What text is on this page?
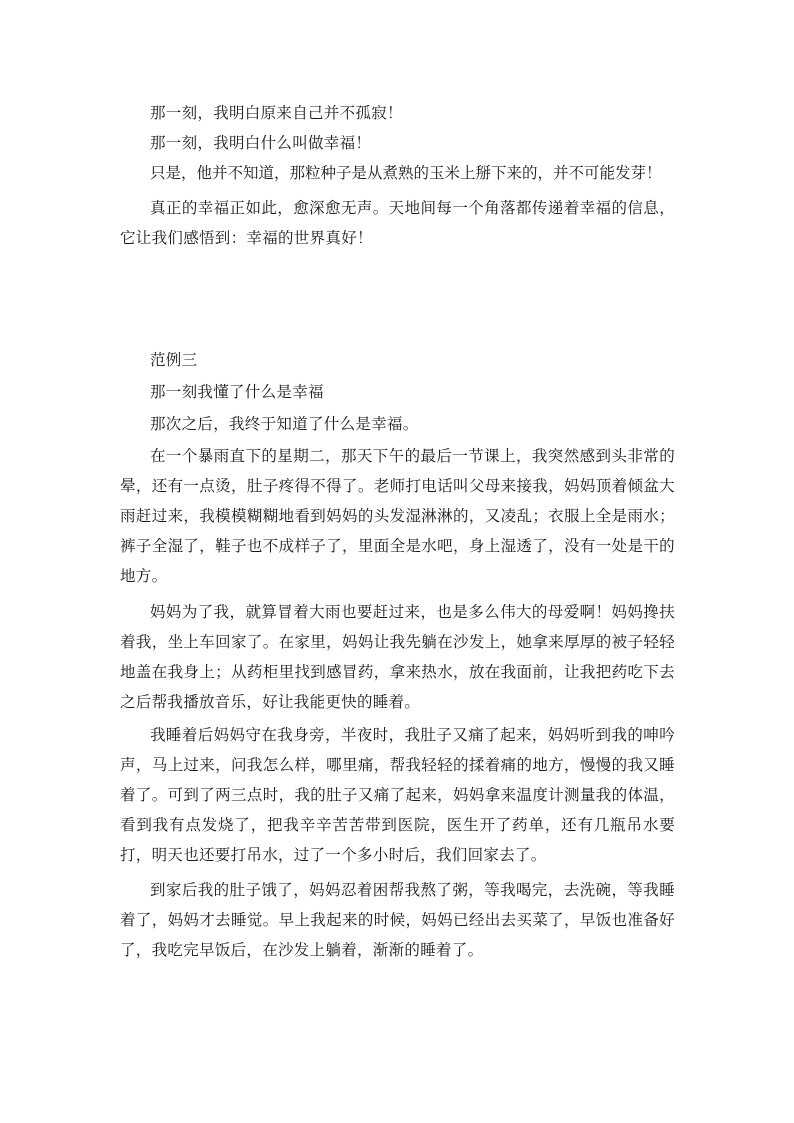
那一刻，我明白原来自己并不孤寂！

那一刻，我明白什么叫做幸福！

只是，他并不知道，那粒种子是从煮熟的玉米上掰下来的，并不可能发芽！

真正的幸福正如此，愈深愈无声。天地间每一个角落都传递着幸福的信息，它让我们感悟到：幸福的世界真好！

范例三

那一刻我懂了什么是幸福

那次之后，我终于知道了什么是幸福。

在一个暴雨直下的星期二，那天下午的最后一节课上，我突然感到头非常的晕，还有一点烫，肚子疼得不得了。老师打电话叫父母来接我，妈妈顶着倾盆大雨赶过来，我模模糊糊地看到妈妈的头发湿淋淋的，又凌乱；衣服上全是雨水；裤子全湿了，鞋子也不成样子了，里面全是水吧，身上湿透了，没有一处是干的地方。

妈妈为了我，就算冒着大雨也要赶过来，也是多么伟大的母爱啊！妈妈搀扶着我，坐上车回家了。在家里，妈妈让我先躺在沙发上，她拿来厚厚的被子轻轻地盖在我身上；从药柜里找到感冒药，拿来热水，放在我面前，让我把药吃下去之后帮我播放音乐，好让我能更快的睡着。

我睡着后妈妈守在我身旁，半夜时，我肚子又痛了起来，妈妈听到我的呻吟声，马上过来，问我怎么样，哪里痛，帮我轻轻的揉着痛的地方，慢慢的我又睡着了。可到了两三点时，我的肚子又痛了起来，妈妈拿来温度计测量我的体温，看到我有点发烧了，把我辛辛苦苦带到医院，医生开了药单，还有几瓶吊水要打，明天也还要打吊水，过了一个多小时后，我们回家去了。

到家后我的肚子饿了，妈妈忍着困帮我熬了粥，等我喝完，去洗碗，等我睡着了，妈妈才去睡觉。早上我起来的时候，妈妈已经出去买菜了，早饭也准备好了，我吃完早饭后，在沙发上躺着，渐渐的睡着了。
